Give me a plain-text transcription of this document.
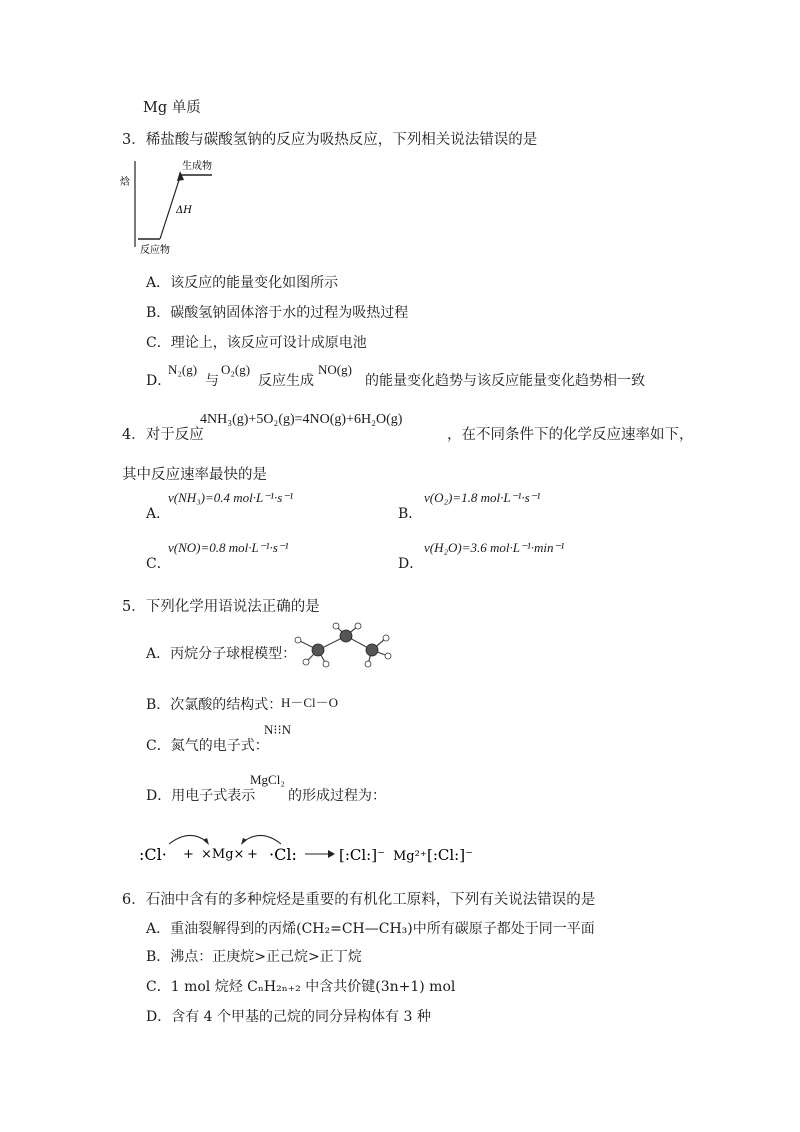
Mg 单质
3．稀盐酸与碳酸氢钠的反应为吸热反应，下列相关说法错误的是
焓
生成物
反应物
ΔH
A．该反应的能量变化如图所示
B．碳酸氢钠固体溶于水的过程为吸热过程
C．理论上，该反应可设计成原电池
D．
N₂(g)
与
O₂(g)
反应生成
NO(g)
的能量变化趋势与该反应能量变化趋势相一致
4．对于反应
4NH₃(g)+5O₂(g)=4NO(g)+6H₂O(g)
，在不同条件下的化学反应速率如下，
其中反应速率最快的是
A．
v(NH₃)=0.4 mol·L⁻¹·s⁻¹
B．
v(O₂)=1.8 mol·L⁻¹·s⁻¹
C．
v(NO)=0.8 mol·L⁻¹·s⁻¹
D．
v(H₂O)=3.6 mol·L⁻¹·min⁻¹
5．下列化学用语说法正确的是
A．丙烷分子球棍模型：
B．次氯酸的结构式：
H－Cl－O
C．氮气的电子式：
N⁝⁝N
D．用电子式表示
MgCl₂
的形成过程为：
:Cl· + ×Mg× + ·Cl:	[:Cl:]⁻ Mg²⁺ [:Cl:]⁻
6．石油中含有的多种烷烃是重要的有机化工原料，下列有关说法错误的是
A．重油裂解得到的丙烯(CH₂=CH—CH₃)中所有碳原子都处于同一平面
B．沸点：正庚烷>正己烷>正丁烷
C．1 mol 烷烃 CₙH₂ₙ₊₂ 中含共价键(3n+1) mol
D．含有 4 个甲基的己烷的同分异构体有 3 种
